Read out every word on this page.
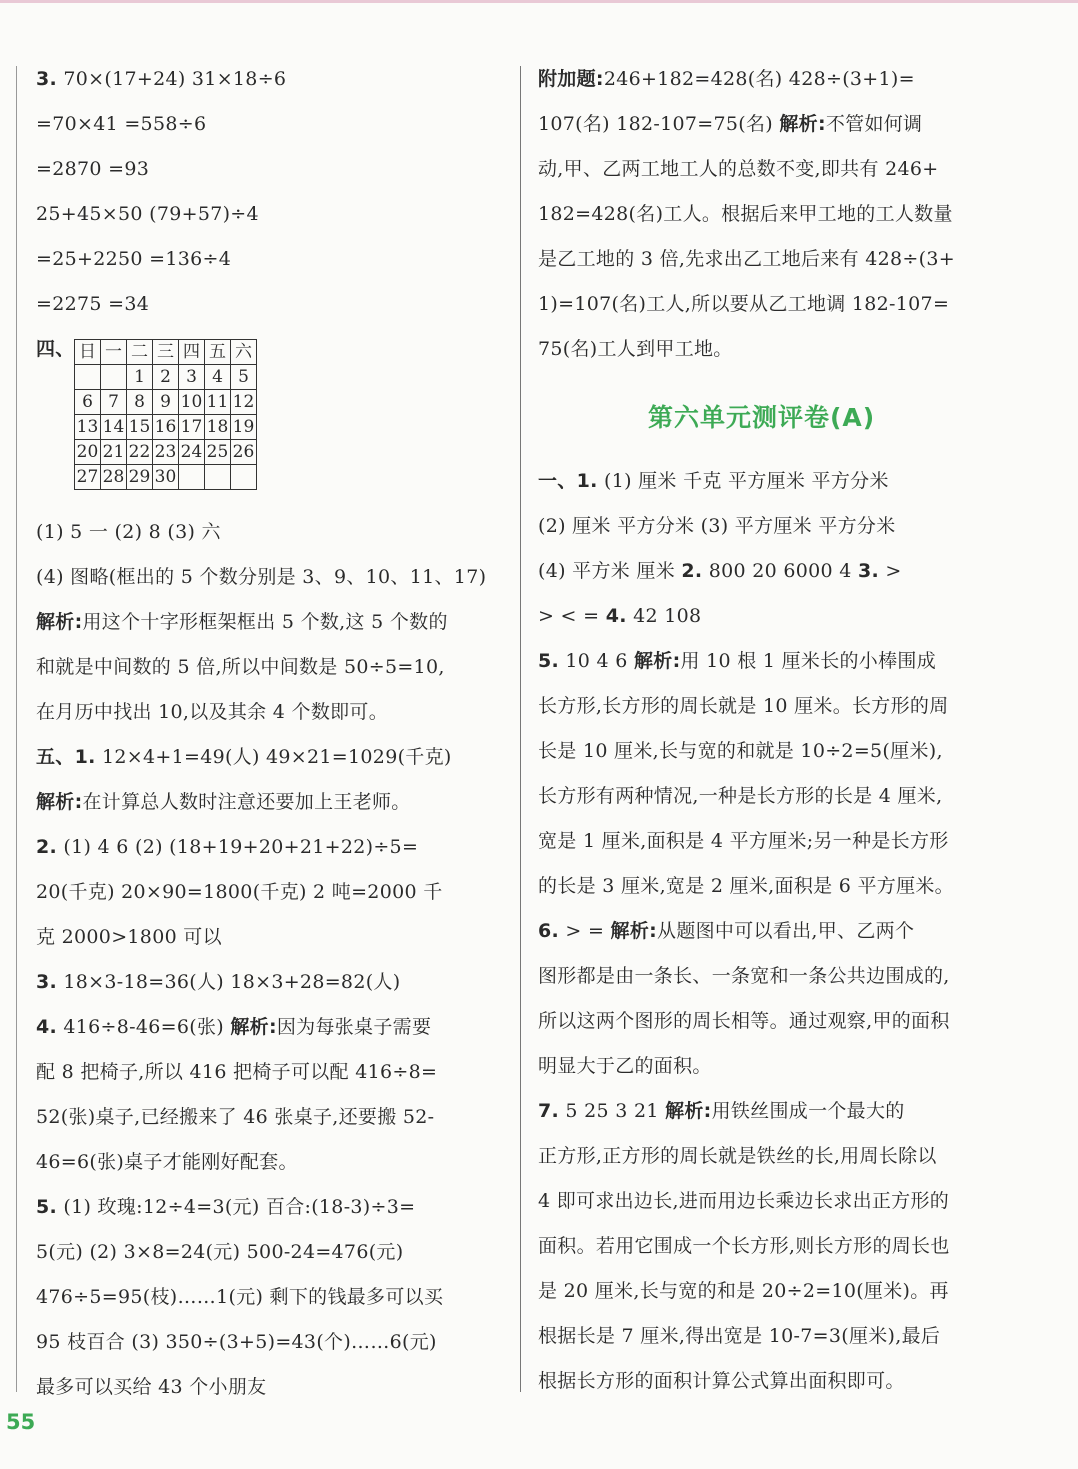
3. 70×(17+24) 31×18÷6
=70×41 =558÷6
=2870 =93
25+45×50 (79+57)÷4
=25+2250 =136÷4
=2275 =34
四、 日	一	二	三	四	五	六
		1	2	3	4	5
6	7	8	9	10	11	12
13	14	15	16	17	18	19
20	21	22	23	24	25	26
27	28	29	30			
(1) 5 一 (2) 8 (3) 六
(4) 图略(框出的 5 个数分别是 3、9、10、11、17)
解析:用这个十字形框架框出 5 个数,这 5 个数的
和就是中间数的 5 倍,所以中间数是 50÷5=10,
在月历中找出 10,以及其余 4 个数即可。
五、1. 12×4+1=49(人) 49×21=1029(千克)
解析:在计算总人数时注意还要加上王老师。
2. (1) 4 6 (2) (18+19+20+21+22)÷5=
20(千克) 20×90=1800(千克) 2 吨=2000 千
克 2000>1800 可以
3. 18×3-18=36(人) 18×3+28=82(人)
4. 416÷8-46=6(张) 解析:因为每张桌子需要
配 8 把椅子,所以 416 把椅子可以配 416÷8=
52(张)桌子,已经搬来了 46 张桌子,还要搬 52-
46=6(张)桌子才能刚好配套。
5. (1) 玫瑰:12÷4=3(元) 百合:(18-3)÷3=
5(元) (2) 3×8=24(元) 500-24=476(元)
476÷5=95(枝)……1(元) 剩下的钱最多可以买
95 枝百合 (3) 350÷(3+5)=43(个)……6(元)
最多可以买给 43 个小朋友
附加题:246+182=428(名) 428÷(3+1)=
107(名) 182-107=75(名) 解析:不管如何调
动,甲、乙两工地工人的总数不变,即共有 246+
182=428(名)工人。根据后来甲工地的工人数量
是乙工地的 3 倍,先求出乙工地后来有 428÷(3+
1)=107(名)工人,所以要从乙工地调 182-107=
75(名)工人到甲工地。
第六单元测评卷(A)
一、1. (1) 厘米 千克 平方厘米 平方分米
(2) 厘米 平方分米 (3) 平方厘米 平方分米
(4) 平方米 厘米 2. 800 20 6000 4 3. >
> < = 4. 42 108
5. 10 4 6 解析:用 10 根 1 厘米长的小棒围成
长方形,长方形的周长就是 10 厘米。长方形的周
长是 10 厘米,长与宽的和就是 10÷2=5(厘米),
长方形有两种情况,一种是长方形的长是 4 厘米,
宽是 1 厘米,面积是 4 平方厘米;另一种是长方形
的长是 3 厘米,宽是 2 厘米,面积是 6 平方厘米。
6. > = 解析:从题图中可以看出,甲、乙两个
图形都是由一条长、一条宽和一条公共边围成的,
所以这两个图形的周长相等。通过观察,甲的面积
明显大于乙的面积。
7. 5 25 3 21 解析:用铁丝围成一个最大的
正方形,正方形的周长就是铁丝的长,用周长除以
4 即可求出边长,进而用边长乘边长求出正方形的
面积。若用它围成一个长方形,则长方形的周长也
是 20 厘米,长与宽的和是 20÷2=10(厘米)。再
根据长是 7 厘米,得出宽是 10-7=3(厘米),最后
根据长方形的面积计算公式算出面积即可。
55
